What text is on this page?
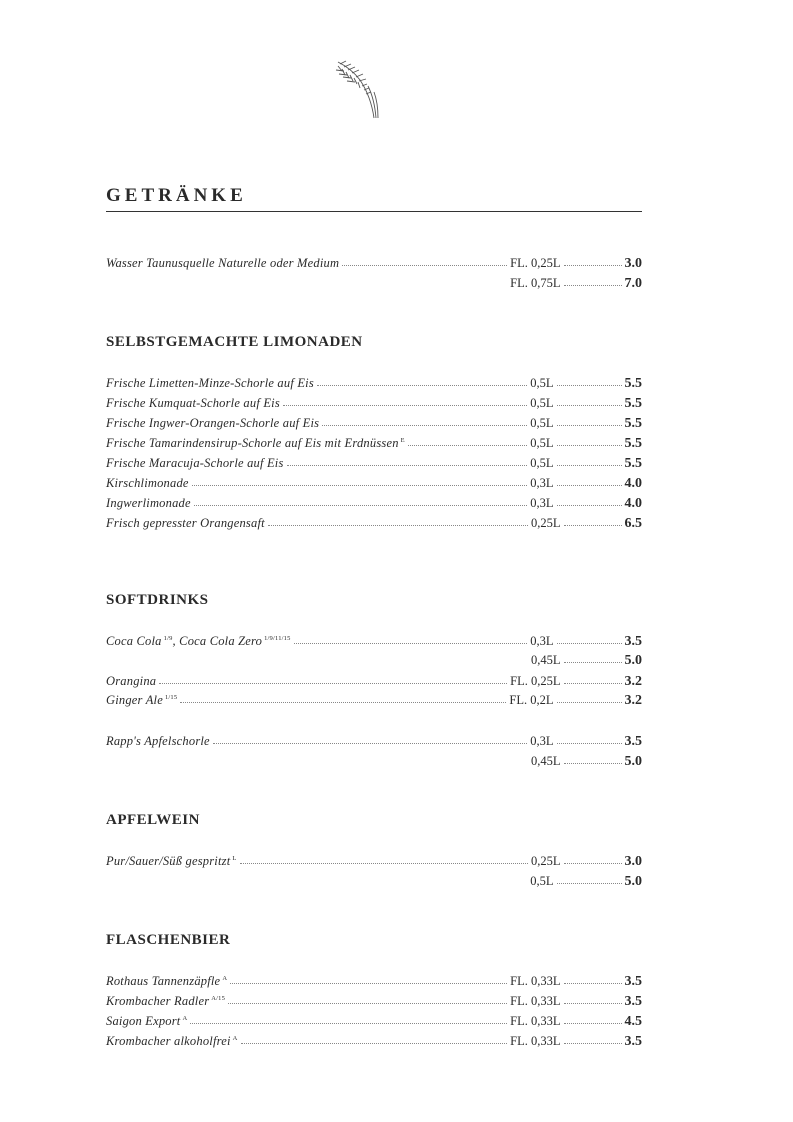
GETRÄNKE
Wasser Taunusquelle Naturelle oder Medium	FL. 0,25L	3.0
FL. 0,75L	7.0
SELBSTGEMACHTE LIMONADEN
Frische Limetten-Minze-Schorle auf Eis	0,5L	5.5
Frische Kumquat-Schorle auf Eis	0,5L	5.5
Frische Ingwer-Orangen-Schorle auf Eis	0,5L	5.5
Frische Tamarindensirup-Schorle auf Eis mit Erdnüssen $^E$	0,5L	5.5
Frische Maracuja-Schorle auf Eis	0,5L	5.5
Kirschlimonade	0,3L	4.0
Ingwerlimonade	0,3L	4.0
Frisch gepresster Orangensaft	0,25L	6.5
SOFTDRINKS
Coca Cola $^{1/9}$, Coca Cola Zero $^{1/9/11/15}$	0,3L	3.5
0,45L	5.0
Orangina	FL. 0,25L	3.2
Ginger Ale $^{1/15}$	FL. 0,2L	3.2
Rapp's Apfelschorle	0,3L	3.5
0,45L	5.0
APFELWEIN
Pur/Sauer/Süß gespritzt $^L$	0,25L	3.0
0,5L	5.0
FLASCHENBIER
Rothaus Tannenzäpfle $^A$	FL. 0,33L	3.5
Krombacher Radler $^{A/15}$	FL. 0,33L	3.5
Saigon Export $^A$	FL. 0,33L	4.5
Krombacher alkoholfrei $^A$	FL. 0,33L	3.5
